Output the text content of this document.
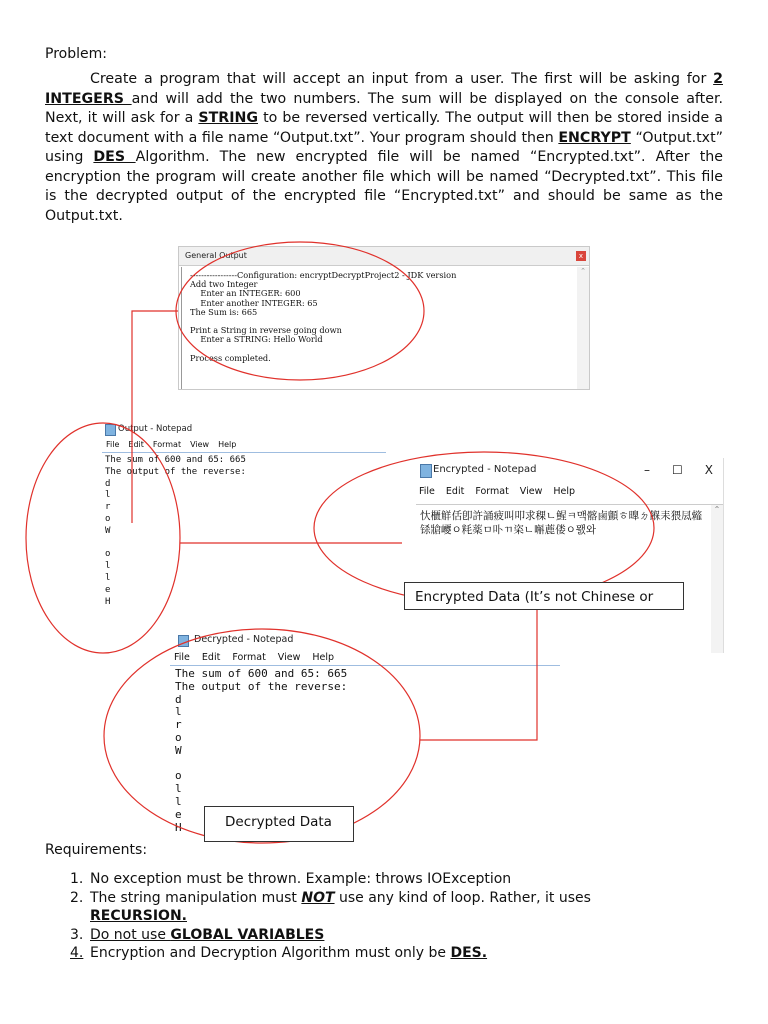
Problem:
Create a program that will accept an input from a user. The first will be asking for 2 INTEGERS and will add the two numbers. The sum will be displayed on the console after. Next, it will ask for a STRING to be reversed vertically. The output will then be stored inside a text document with a file name “Output.txt”. Your program should then ENCRYPT “Output.txt” using DES Algorithm. The new encrypted file will be named “Encrypted.txt”. After the encryption the program will create another file which will be named “Decrypted.txt”. This file is the decrypted output of the encrypted file “Encrypted.txt” and should be same as the Output.txt.
General Output	x
-----------------Configuration: encryptDecryptProject2 - JDK version
Add two Integer
Enter an INTEGER: 600
Enter another INTEGER: 65
The Sum is: 665

Print a String in reverse going down
Enter a STRING: Hello World

Process completed.
⌃
Output - Notepad
File Edit Format View Help
The sum of 600 and 65: 665
The output of the reverse:
d
l
r
o
W

o
l
l
e
H
Encrypted - Notepad	– ☐ X
File Edit Format View Help
忕櫃觧佸卽許誦疲叫叩求稞ㄴ鯹ㅋ맥髂鹵顫ㅎ曍ㄉ䭋耒猥凨䪢铩牄巎ㅇ粍薬ㅁ卟ㄲ栥ㄴ嘝蔍偻ㅇ뫬와
⌃
Decrypted - Notepad
File Edit Format View Help
The sum of 600 and 65: 665
The output of the reverse:
d
l
r
o
W

o
l
l
e
H
Encrypted Data (It’s not Chinese or
Decrypted Data
Requirements:
1. No exception must be thrown. Example: throws IOException
2. The string manipulation must NOT use any kind of loop. Rather, it uses
RECURSION.
3. Do not use GLOBAL VARIABLES
4. Encryption and Decryption Algorithm must only be DES.
